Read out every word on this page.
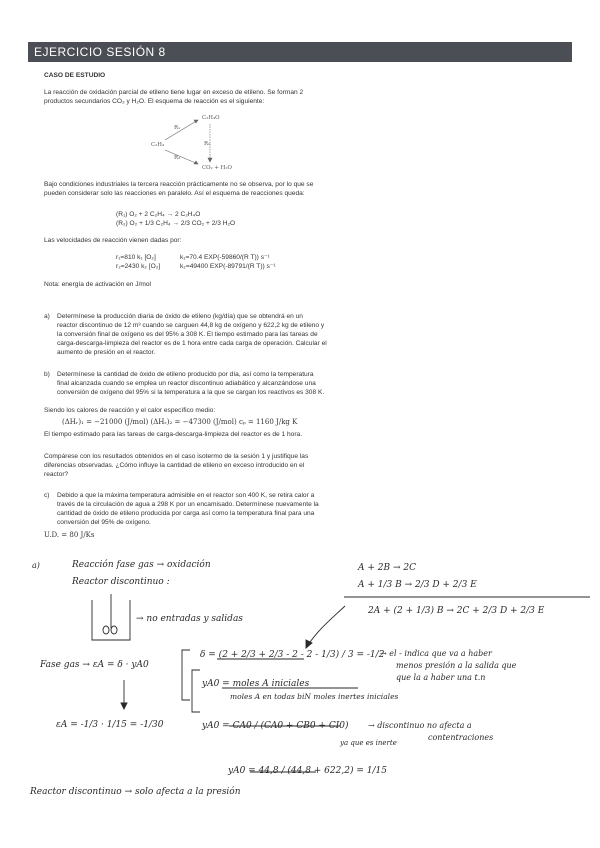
EJERCICIO SESIÓN 8
CASO DE ESTUDIO
La reacción de oxidación parcial de etileno tiene lugar en exceso de etileno. Se forman 2
productos secundarios CO₂ y H₂O. El esquema de reacción es el siguiente:
C₂H₄O
C₂H₄
CO₂ + H₂O
R₁
R₂
R₃
Bajo condiciones industriales la tercera reacción prácticamente no se observa, por lo que se
pueden considerar solo las reacciones en paralelo. Así el esquema de reacciones queda:
(R₁) O₂ + 2 C₂H₄ → 2 C₂H₄O
(R₂) O₂ + 1/3 C₂H₄ → 2/3 CO₂ + 2/3 H₂O
Las velocidades de reacción vienen dadas por:
r₁=810 k₁ [O₂]	k₁=70.4 EXP(-59860/(R T)) s⁻¹
r₂=2430 k₂ [O₂]	k₂=49400 EXP(-89791/(R T)) s⁻¹
Nota: energía de activación en J/mol
a) Determínese la producción diaria de óxido de etileno (kg/día) que se obtendrá en un
reactor discontinuo de 12 m³ cuando se carguen 44,8 kg de oxígeno y 622,2 kg de etileno y
la conversión final de oxígeno es del 95% a 308 K. El tiempo estimado para las tareas de
carga-descarga-limpieza del reactor es de 1 hora entre cada carga de operación. Calcular el
aumento de presión en el reactor.
b) Determínese la cantidad de óxido de etileno producido por día, así como la temperatura
final alcanzada cuando se emplea un reactor discontinuo adiabático y alcanzándose una
conversión de oxígeno del 95% si la temperatura a la que se cargan los reactivos es 308 K.
Siendo los calores de reacción y el calor específico medio:
(ΔHᵣ)₁ = −21000 (J/mol) (ΔHᵣ)₂ = −47300 (J/mol) cₚ = 1160 J/kg K
El tiempo estimado para las tareas de carga-descarga-limpieza del reactor es de 1 hora.
Compárese con los resultados obtenidos en el caso isotermo de la sesión 1 y justifique las
diferencias observadas. ¿Cómo influye la cantidad de etileno en exceso introducido en el
reactor?
c) Debido a que la máxima temperatura admisible en el reactor son 400 K, se retira calor a
través de la circulación de agua a 298 K por un encamisado. Determínese nuevamente la
cantidad de óxido de etileno producida por carga así como la temperatura final para una
conversión del 95% de oxígeno.
U.D. = 80 J/Ks
a)	Reacción fase gas → oxidación
Reactor discontinuo :
→ no entradas y salidas
A + 2B → 2C
A + 1/3 B → 2/3 D + 2/3 E
2A + (2 + 1/3) B → 2C + 2/3 D + 2/3 E
Fase gas → εA = δ · yA0
δ = (2 + 2/3 + 2/3 - 2 - 2 - 1/3) / 3 = -1/2
→ el - indica que va a haber
menos presión a la salida que
que la a haber una t.n
yA0 = moles A iniciales
moles A en todas biN moles inertes iniciales
yA0 = CA0 / (CA0 + CB0 + CI0)
ya que es inerte
→ discontinuo no afecta a
contentraciones
yA0 = 44,8 / (44,8 + 622,2) = 1/15
εA = -1/3 · 1/15 = -1/30
Reactor discontinuo → solo afecta a la presión
